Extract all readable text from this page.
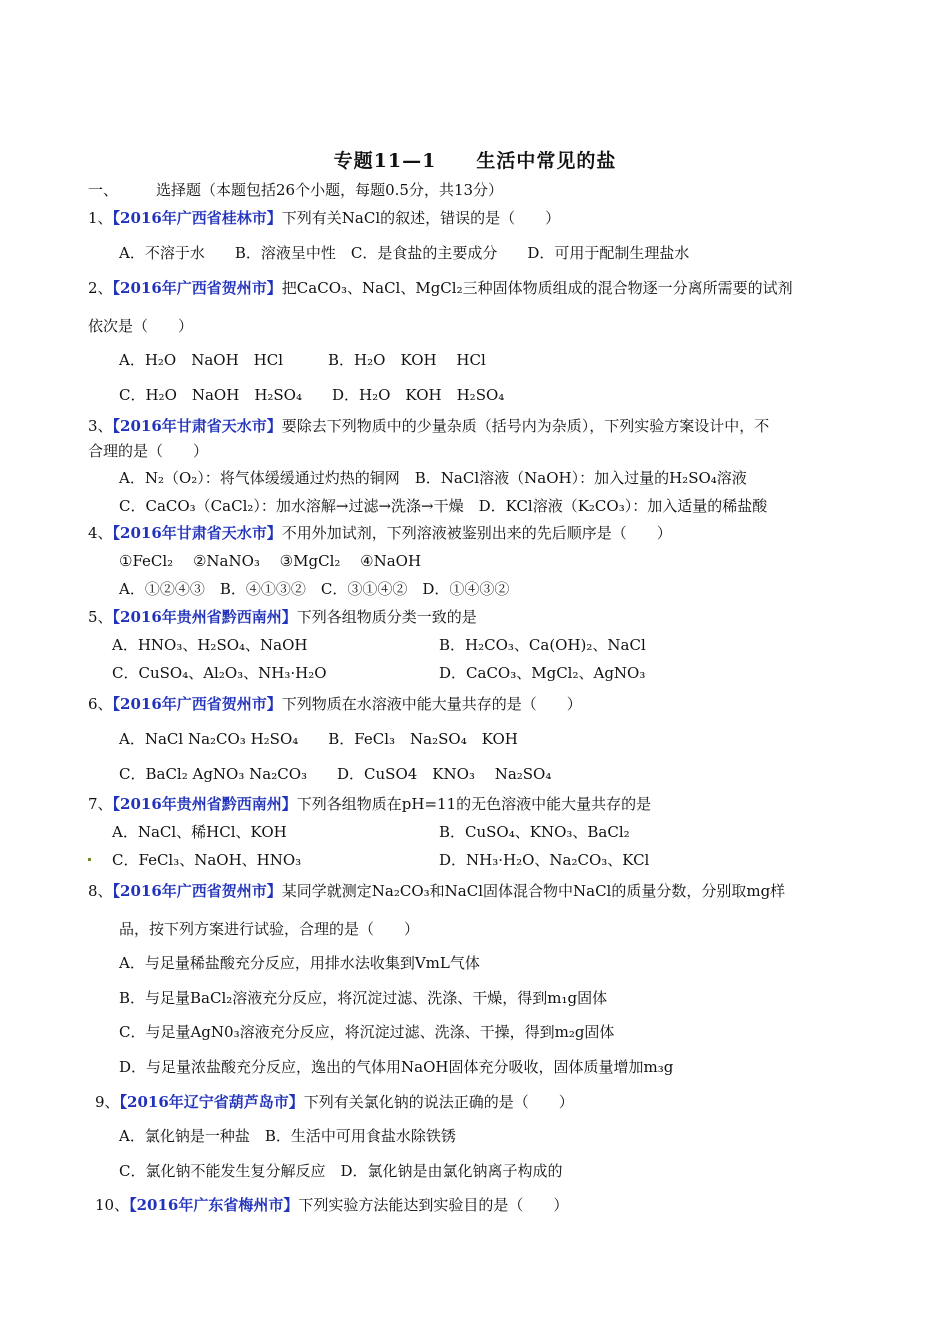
专题11—1　　生活中常见的盐
一、	选择题（本题包括26个小题，每题0.5分，共13分）
1、【2016年广西省桂林市】下列有关NaCl的叙述，错误的是（　　）
A．不溶于水　　B．溶液呈中性　C．是食盐的主要成分　　D．可用于配制生理盐水
2、【2016年广西省贺州市】把CaCO₃、NaCl、MgCl₂三种固体物质组成的混合物逐一分离所需要的试剂
依次是（　　）
A．H₂O　NaOH　HCl　　　B．H₂O　KOH　 HCl
C．H₂O　NaOH　H₂SO₄　　D．H₂O　KOH　H₂SO₄
3、【2016年甘肃省天水市】要除去下列物质中的少量杂质（括号内为杂质），下列实验方案设计中，不
合理的是（　　）
A．N₂（O₂）：将气体缓缓通过灼热的铜网　B．NaCl溶液（NaOH）：加入过量的H₂SO₄溶液
C．CaCO₃（CaCl₂）：加水溶解→过滤→洗涤→干燥　D．KCl溶液（K₂CO₃）：加入适量的稀盐酸
4、【2016年甘肃省天水市】不用外加试剂，下列溶液被鉴别出来的先后顺序是（　　）
①FeCl₂　 ②NaNO₃　 ③MgCl₂　 ④NaOH
A．①②④③　B．④①③②　C．③①④②　D．①④③②
5、【2016年贵州省黔西南州】下列各组物质分类一致的是
A．HNO₃、H₂SO₄、NaOH	B．H₂CO₃、Ca(OH)₂、NaCl
C．CuSO₄、Al₂O₃、NH₃·H₂O	D．CaCO₃、MgCl₂、AgNO₃
6、【2016年广西省贺州市】下列物质在水溶液中能大量共存的是（　　）
A．NaCl Na₂CO₃ H₂SO₄　　B．FeCl₃　Na₂SO₄　KOH
C．BaCl₂ AgNO₃ Na₂CO₃　　D．CuSO4　KNO₃　 Na₂SO₄
7、【2016年贵州省黔西南州】下列各组物质在pH=11的无色溶液中能大量共存的是
A．NaCl、稀HCl、KOH	B．CuSO₄、KNO₃、BaCl₂
C．FeCl₃、NaOH、HNO₃	D．NH₃·H₂O、Na₂CO₃、KCl
8、【2016年广西省贺州市】某同学就测定Na₂CO₃和NaCl固体混合物中NaCl的质量分数，分别取mg样
品，按下列方案进行试验，合理的是（　　）
A．与足量稀盐酸充分反应，用排水法收集到VmL气体
B．与足量BaCl₂溶液充分反应，将沉淀过滤、洗涤、干燥，得到m₁g固体
C．与足量AgN0₃溶液充分反应，将沉淀过滤、洗涤、干操，得到m₂g固体
D．与足量浓盐酸充分反应，逸出的气体用NaOH固体充分吸收，固体质量增加m₃g
9、【2016年辽宁省葫芦岛市】下列有关氯化钠的说法正确的是（　　）
A．氯化钠是一种盐　B．生活中可用食盐水除铁锈
C．氯化钠不能发生复分解反应　D．氯化钠是由氯化钠离子构成的
10、【2016年广东省梅州市】下列实验方法能达到实验目的是（　　）
